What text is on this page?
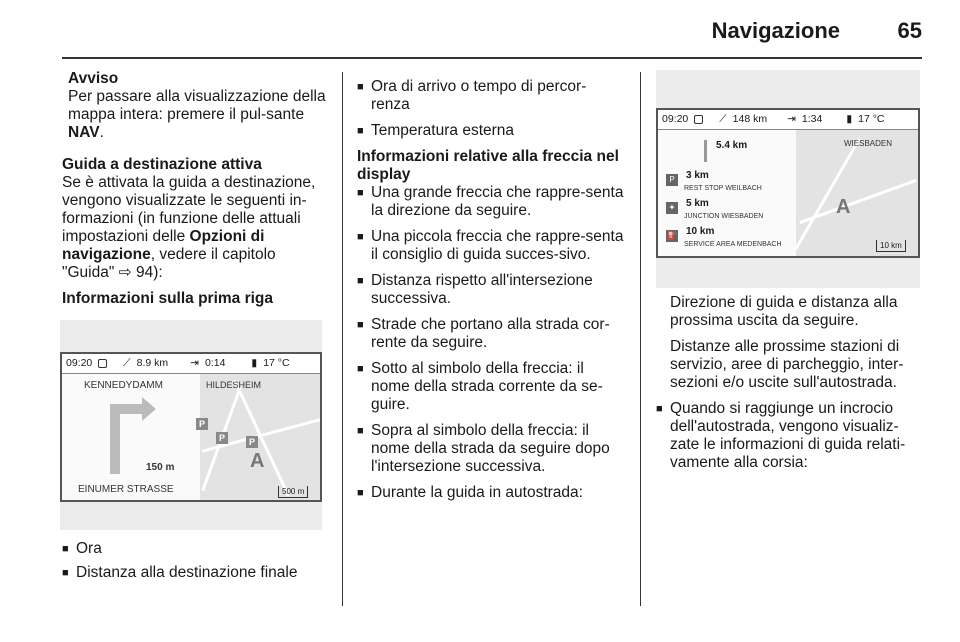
Navigazione	65
Avviso
Per passare alla visualizzazione della mappa intera: premere il pul-sante NAV.
Guida a destinazione attiva
Se è attivata la guida a destinazione, vengono visualizzate le seguenti in-formazioni (in funzione delle attuali impostazioni delle Opzioni di navigazione, vedere il capitolo "Guida" ⇨ 94):
Informazioni sulla prima riga
09:20	⟋ 8.9 km ⇥ 0:14 ▮ 17 °C
HILDESHEIM
P
P	P
A
500 m
KENNEDYDAMM
150 m
EINUMER STRASSE
■ Ora
■ Distanza alla destinazione finale
■ Ora di arrivo o tempo di percor-renza
■ Temperatura esterna
Informazioni relative alla freccia nel display
■ Una grande freccia che rappre-senta la direzione da seguire.
■ Una piccola freccia che rappre-senta il consiglio di guida succes-sivo.
■ Distanza rispetto all'intersezione successiva.
■ Strade che portano alla strada cor-rente da seguire.
■ Sotto al simbolo della freccia: il nome della strada corrente da se-guire.
■ Sopra al simbolo della freccia: il nome della strada da seguire dopo l'intersezione successiva.
■ Durante la guida in autostrada:
09:20	⟋ 148 km ⇥ 1:34 ▮ 17 °C
WIESBADEN
A
10 km
5.4 km
P	3 km
REST STOP WEILBACH
✦ 5 km
JUNCTION WIESBADEN
⛽ 10 km
SERVICE AREA MEDENBACH
Direzione di guida e distanza alla prossima uscita da seguire.
Distanze alle prossime stazioni di servizio, aree di parcheggio, inter-sezioni e/o uscite sull'autostrada.
■ Quando si raggiunge un incrocio dell'autostrada, vengono visualiz-zate le informazioni di guida relati-vamente alla corsia:
